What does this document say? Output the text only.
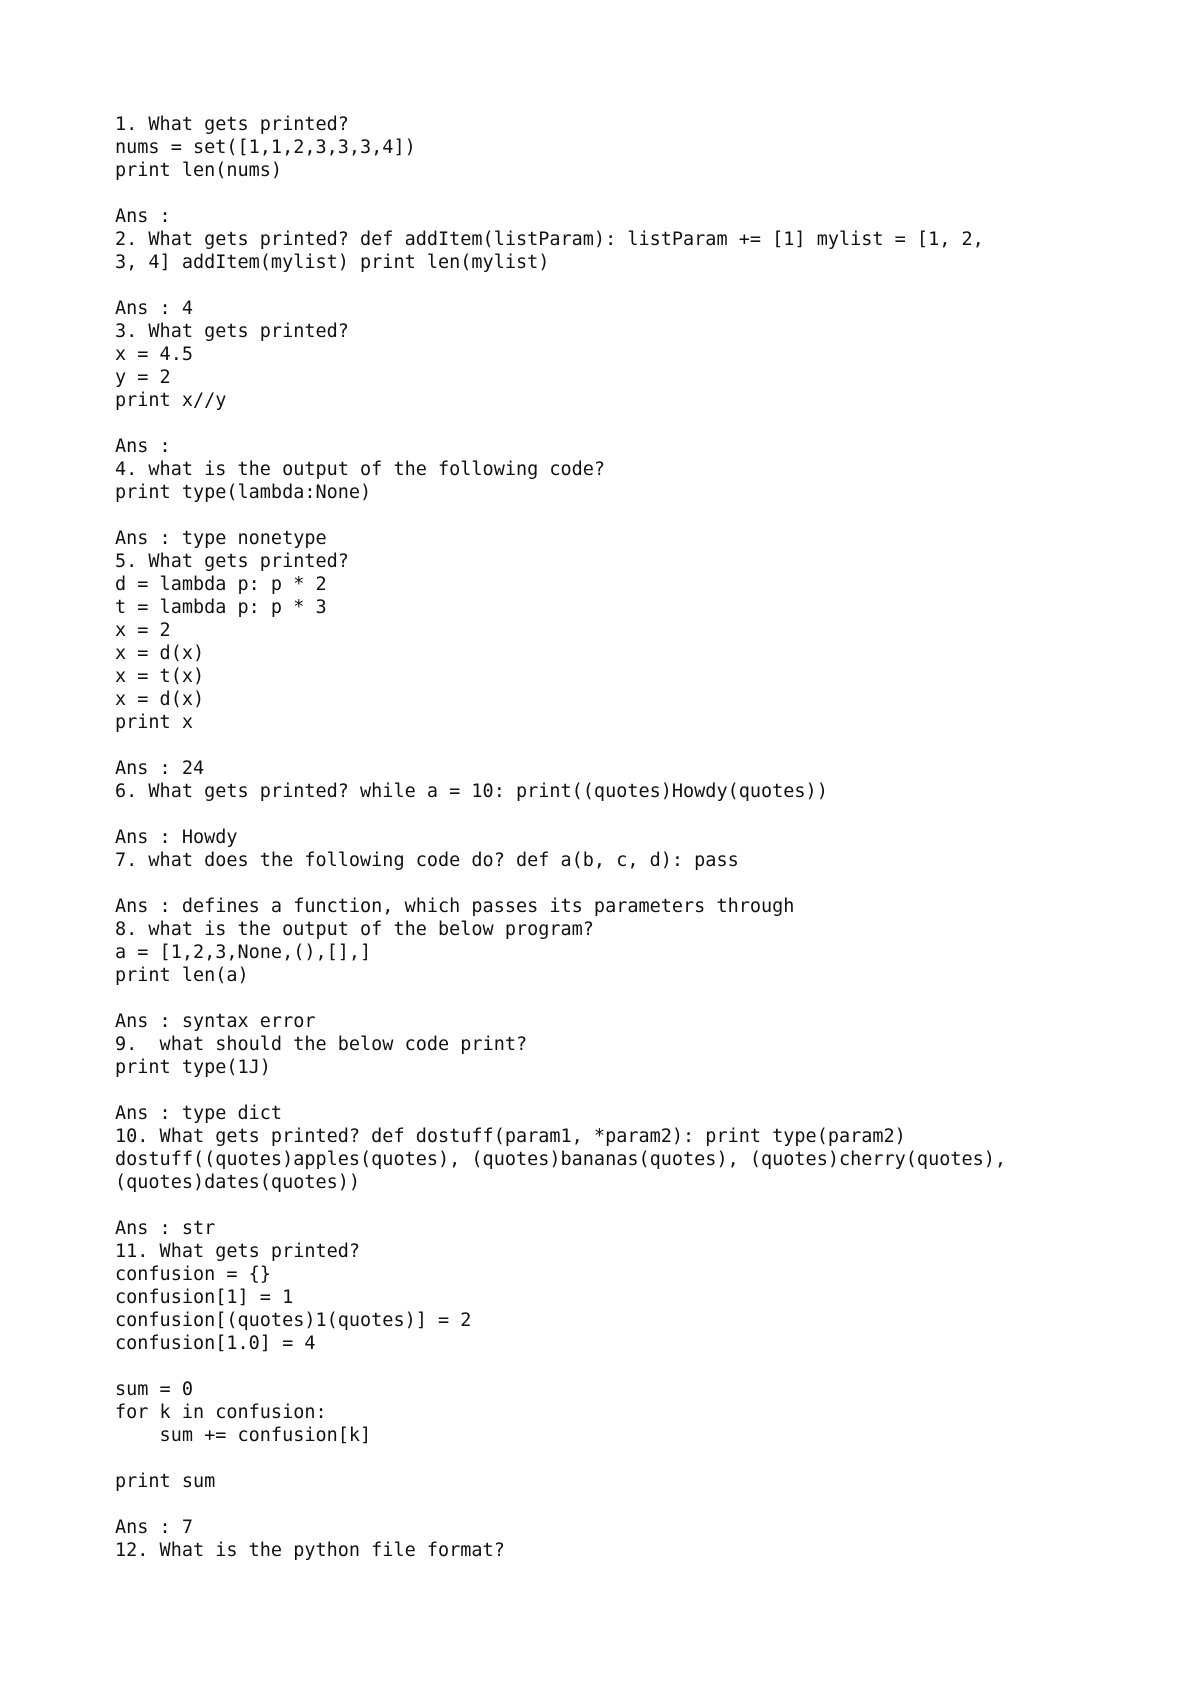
1. What gets printed?
nums = set([1,1,2,3,3,3,4])
print len(nums)
Ans :
2. What gets printed? def addItem(listParam): listParam += [1] mylist = [1, 2,
3, 4] addItem(mylist) print len(mylist)
Ans : 4
3. What gets printed?
x = 4.5
y = 2
print x//y
Ans :
4. what is the output of the following code?
print type(lambda:None)
Ans : type nonetype
5. What gets printed?
d = lambda p: p * 2
t = lambda p: p * 3
x = 2
x = d(x)
x = t(x)
x = d(x)
print x
Ans : 24
6. What gets printed? while a = 10: print((quotes)Howdy(quotes))
Ans : Howdy
7. what does the following code do? def a(b, c, d): pass
Ans : defines a function, which passes its parameters through
8. what is the output of the below program?
a = [1,2,3,None,(),[],]
print len(a)
Ans : syntax error
9.  what should the below code print?
print type(1J)
Ans : type dict
10. What gets printed? def dostuff(param1, *param2): print type(param2)
dostuff((quotes)apples(quotes), (quotes)bananas(quotes), (quotes)cherry(quotes),
(quotes)dates(quotes))
Ans : str
11. What gets printed?
confusion = {}
confusion[1] = 1
confusion[(quotes)1(quotes)] = 2
confusion[1.0] = 4
sum = 0
for k in confusion:
sum += confusion[k]
print sum
Ans : 7
12. What is the python file format?
